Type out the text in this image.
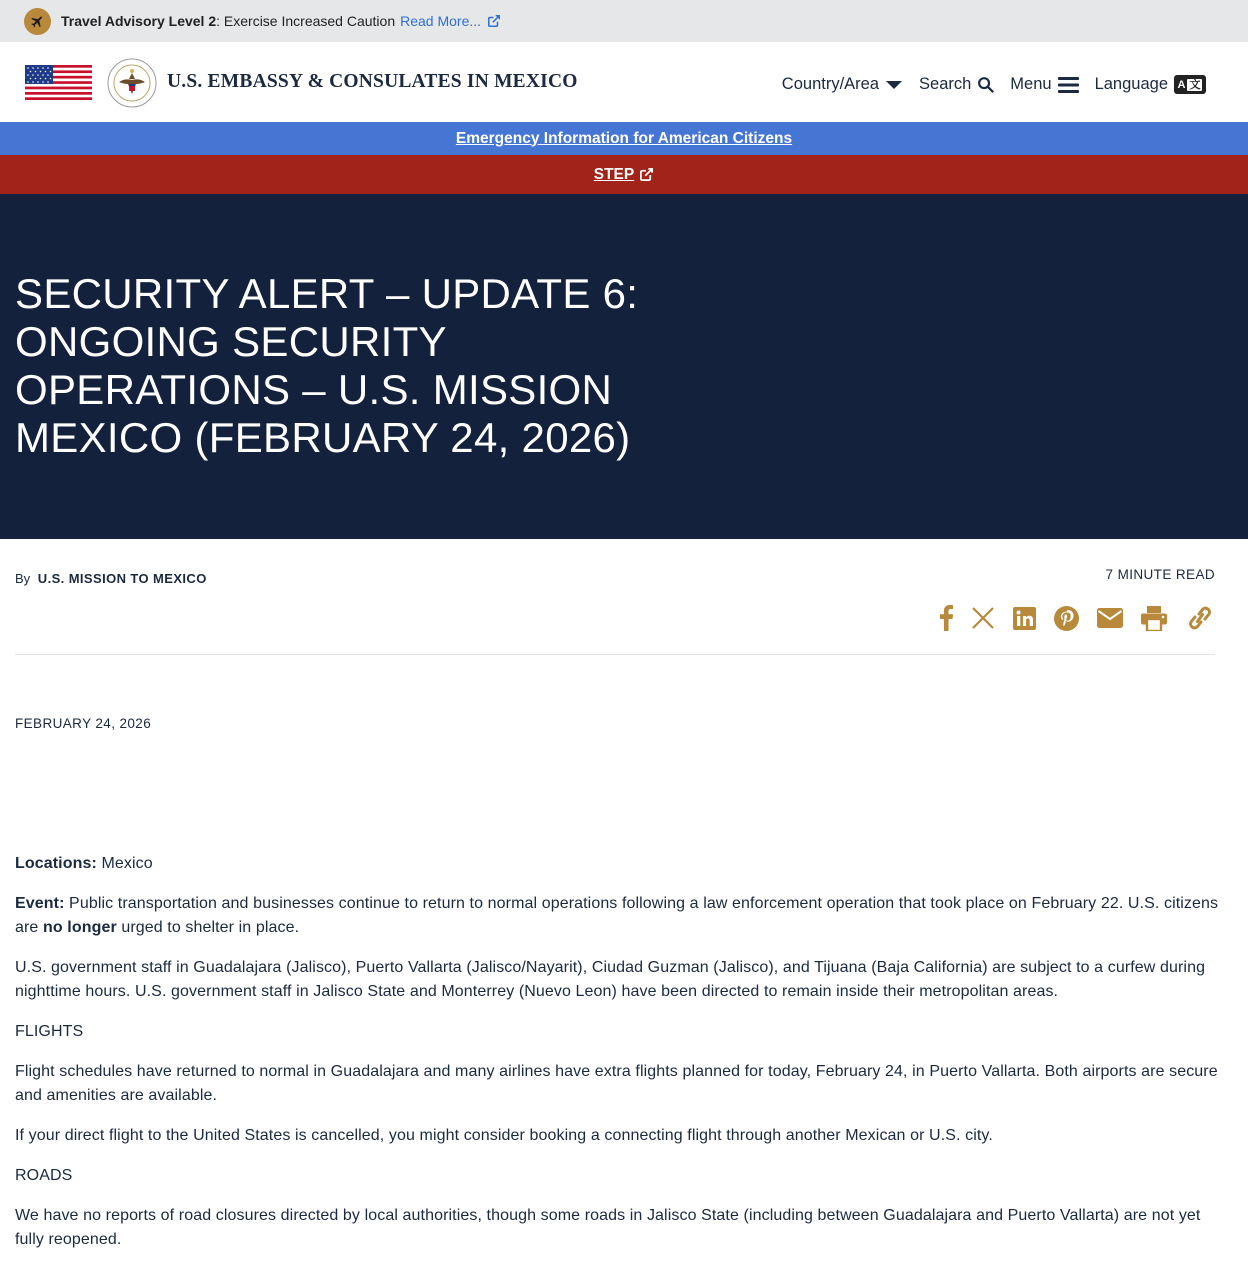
Travel Advisory Level 2 : Exercise Increased Caution Read More...
U.S. EMBASSY & CONSULATES IN MEXICO	Country/Area Search Menu	Language A 文
Emergency Information for American Citizens
STEP
SECURITY ALERT – UPDATE 6: ONGOING SECURITY OPERATIONS – U.S. MISSION MEXICO (FEBRUARY 24, 2026)
By U.S. MISSION TO MEXICO	7 MINUTE READ
FEBRUARY 24, 2026

Locations: Mexico

Event: Public transportation and businesses continue to return to normal operations following a law enforcement operation that took place on February 22. U.S. citizens are no longer urged to shelter in place.

U.S. government staff in Guadalajara (Jalisco), Puerto Vallarta (Jalisco/Nayarit), Ciudad Guzman (Jalisco), and Tijuana (Baja California) are subject to a curfew during nighttime hours. U.S. government staff in Jalisco State and Monterrey (Nuevo Leon) have been directed to remain inside their metropolitan areas.

FLIGHTS

Flight schedules have returned to normal in Guadalajara and many airlines have extra flights planned for today, February 24, in Puerto Vallarta. Both airports are secure and amenities are available.

If your direct flight to the United States is cancelled, you might consider booking a connecting flight through another Mexican or U.S. city.

ROADS

We have no reports of road closures directed by local authorities, though some roads in Jalisco State (including between Guadalajara and Puerto Vallarta) are not yet fully reopened.
